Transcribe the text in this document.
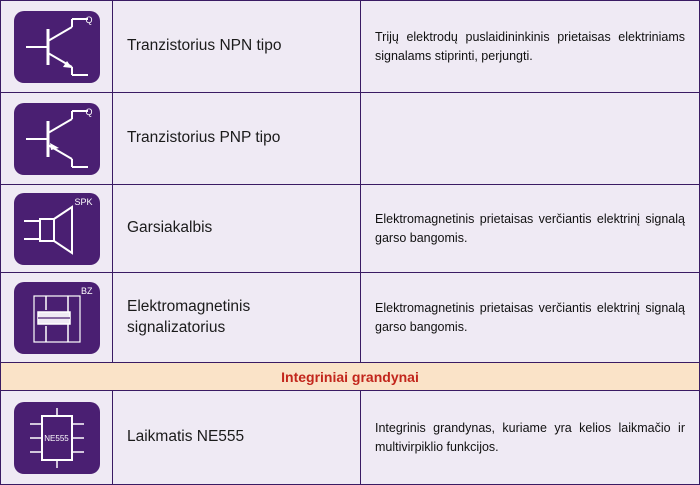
Q
Tranzistorius NPN tipo
Trijų elektrodų puslaidininkinis prietaisas elektriniams signalams stiprinti, perjungti.
Q
Tranzistorius PNP tipo
SPK
Garsiakalbis
Elektromagnetinis prietaisas verčiantis elektrinį signalą garso bangomis.
BZ
Elektromagnetinis signalizatorius
Elektromagnetinis prietaisas verčiantis elektrinį signalą garso bangomis.
Integriniai grandynai
NE555	Laikmatis NE555
Integrinis grandynas, kuriame yra kelios laikmačio ir multivirpiklio funkcijos.
